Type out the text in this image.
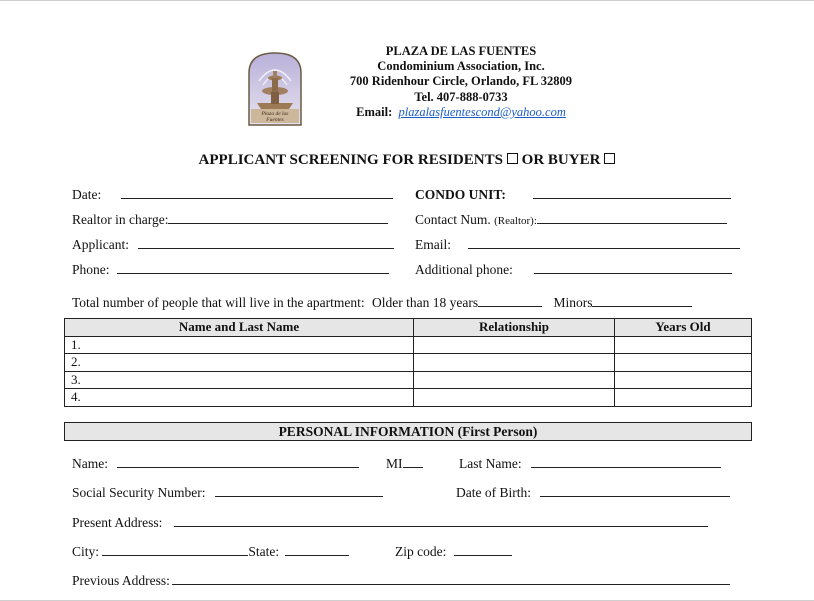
Plaza de las
Fuentes
PLAZA DE LAS FUENTES
Condominium Association, Inc.
700 Ridenhour Circle, Orlando, FL 32809
Tel. 407-888-0733
Email: plazalasfuentescond@yahoo.com
APPLICANT SCREENING FOR RESIDENTS OR BUYER
Date:	CONDO UNIT:
Realtor in charge:	Contact Num. (Realtor):
Applicant:	Email:
Phone:	Additional phone:
Total number of people that will live in the apartment: Older than 18 years	Minors
Name and Last Name	Relationship	Years Old
1.		
2.		
3.		
4.		
PERSONAL INFORMATION (First Person)
Name:	MI	Last Name:
Social Security Number:	Date of Birth:
Present Address:
City:	State:	Zip code:
Previous Address:
